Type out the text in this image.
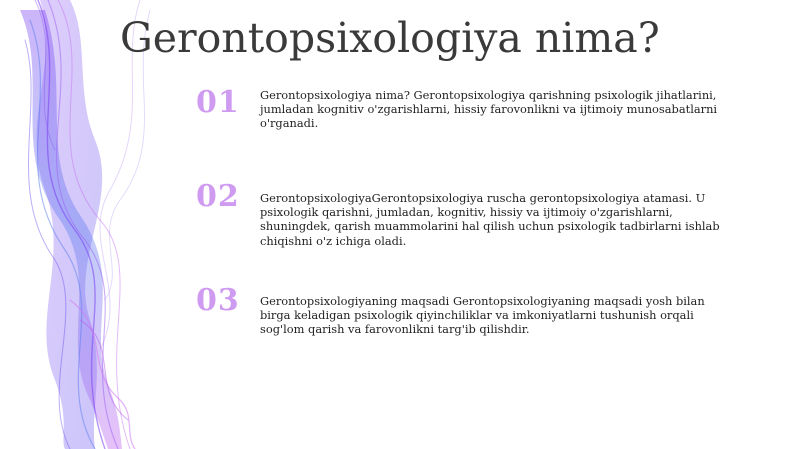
Gerontopsixologiya nima?
01	Gerontopsixologiya nima? Gerontopsixologiya qarishning psixologik jihatlarini, jumladan kognitiv o'zgarishlarni, hissiy farovonlikni va ijtimoiy munosabatlarni o'rganadi.

02	GerontopsixologiyaGerontopsixologiya ruscha gerontopsixologiya atamasi. U psixologik qarishni, jumladan, kognitiv, hissiy va ijtimoiy o'zgarishlarni, shuningdek, qarish muammolarini hal qilish uchun psixologik tadbirlarni ishlab chiqishni o'z ichiga oladi.

03	Gerontopsixologiyaning maqsadi Gerontopsixologiyaning maqsadi yosh bilan birga keladigan psixologik qiyinchiliklar va imkoniyatlarni tushunish orqali sog'lom qarish va farovonlikni targ'ib qilishdir.
